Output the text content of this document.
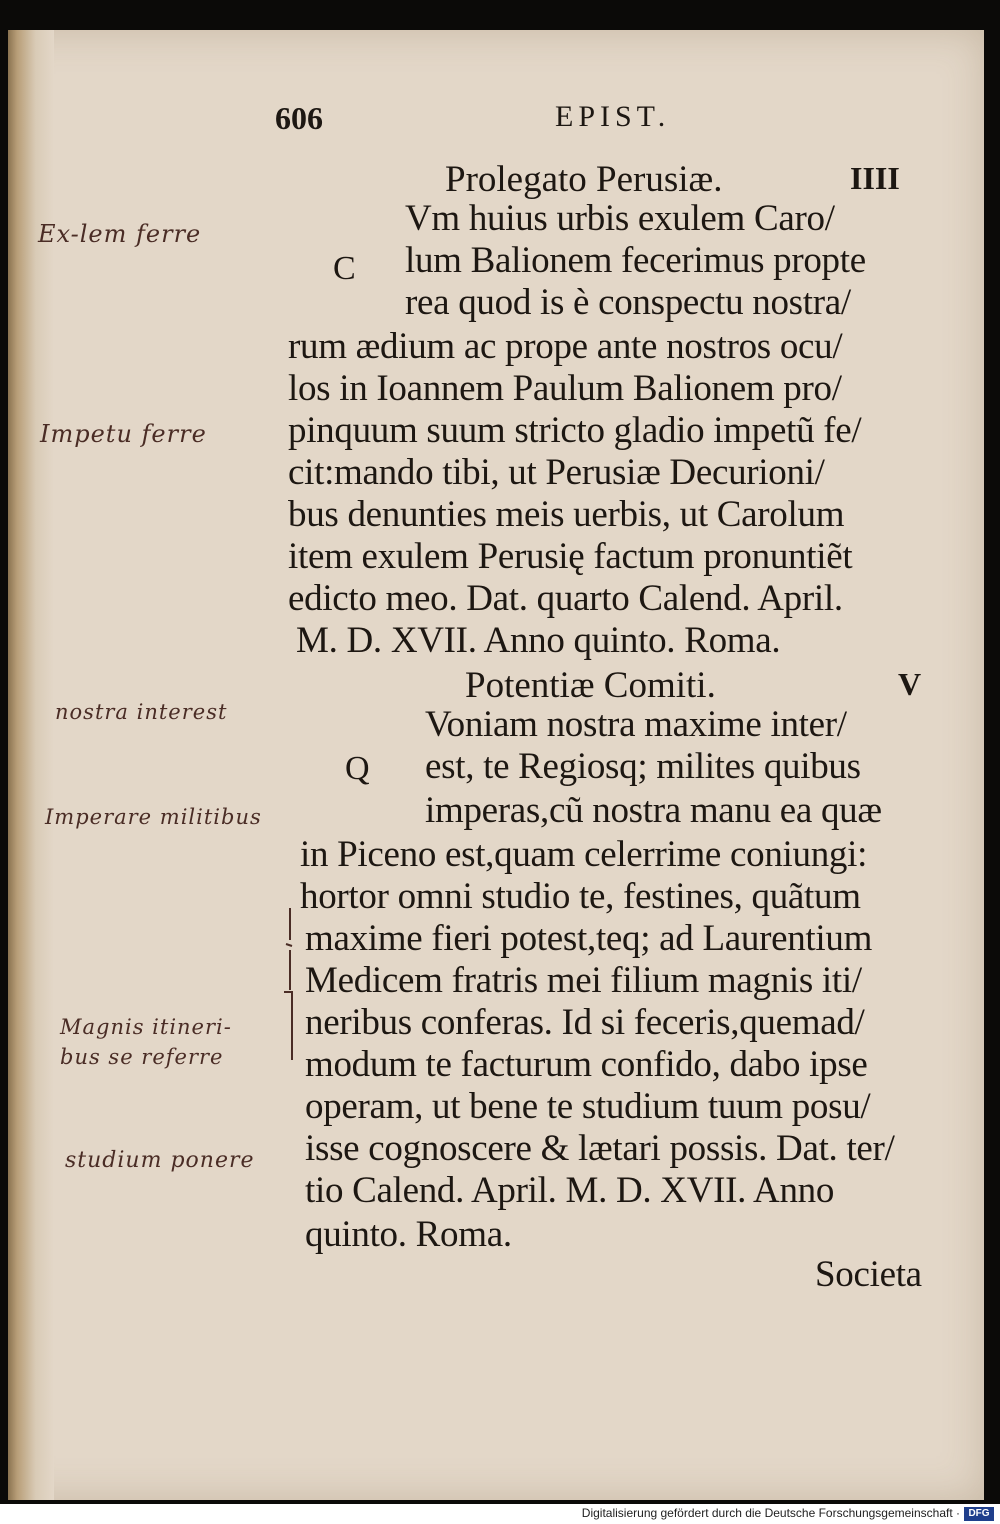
606	EPIST.
Prolegato Perusiæ.	IIII
C
Vm huius urbis exulem Caro/
lum Balionem fecerimus propte
rea quod is è conspectu nostra/
rum ædium ac prope ante nostros ocu/
los in Ioannem Paulum Balionem pro/
pinquum suum stricto gladio impetũ fe/
cit:mando tibi, ut Perusiæ Decurioni/
bus denunties meis uerbis, ut Carolum
item exulem Perusię factum pronuntiẽt
edicto meo. Dat. quarto Calend. April.
M. D. XVII. Anno quinto. Roma.
Potentiæ Comiti.	V
Q
Voniam nostra maxime inter/
est, te Regiosq; milites quibus
imperas,cũ nostra manu ea quæ
in Piceno est,quam celerrime coniungi:
hortor omni studio te, festines, quãtum
maxime fieri potest,teq; ad Laurentium
Medicem fratris mei filium magnis iti/
neribus conferas. Id si feceris,quemad/
modum te facturum confido, dabo ipse
operam, ut bene te studium tuum posu/
isse cognoscere & lætari possis. Dat. ter/
tio Calend. April. M. D. XVII. Anno
quinto. Roma.
Societa
Ex-lem ferre
Impetu ferre
nostra interest
Imperare militibus
Magnis itineri-
bus se referre
studium ponere
Digitalisierung gefördert durch die Deutsche Forschungsgemeinschaft · DFG
